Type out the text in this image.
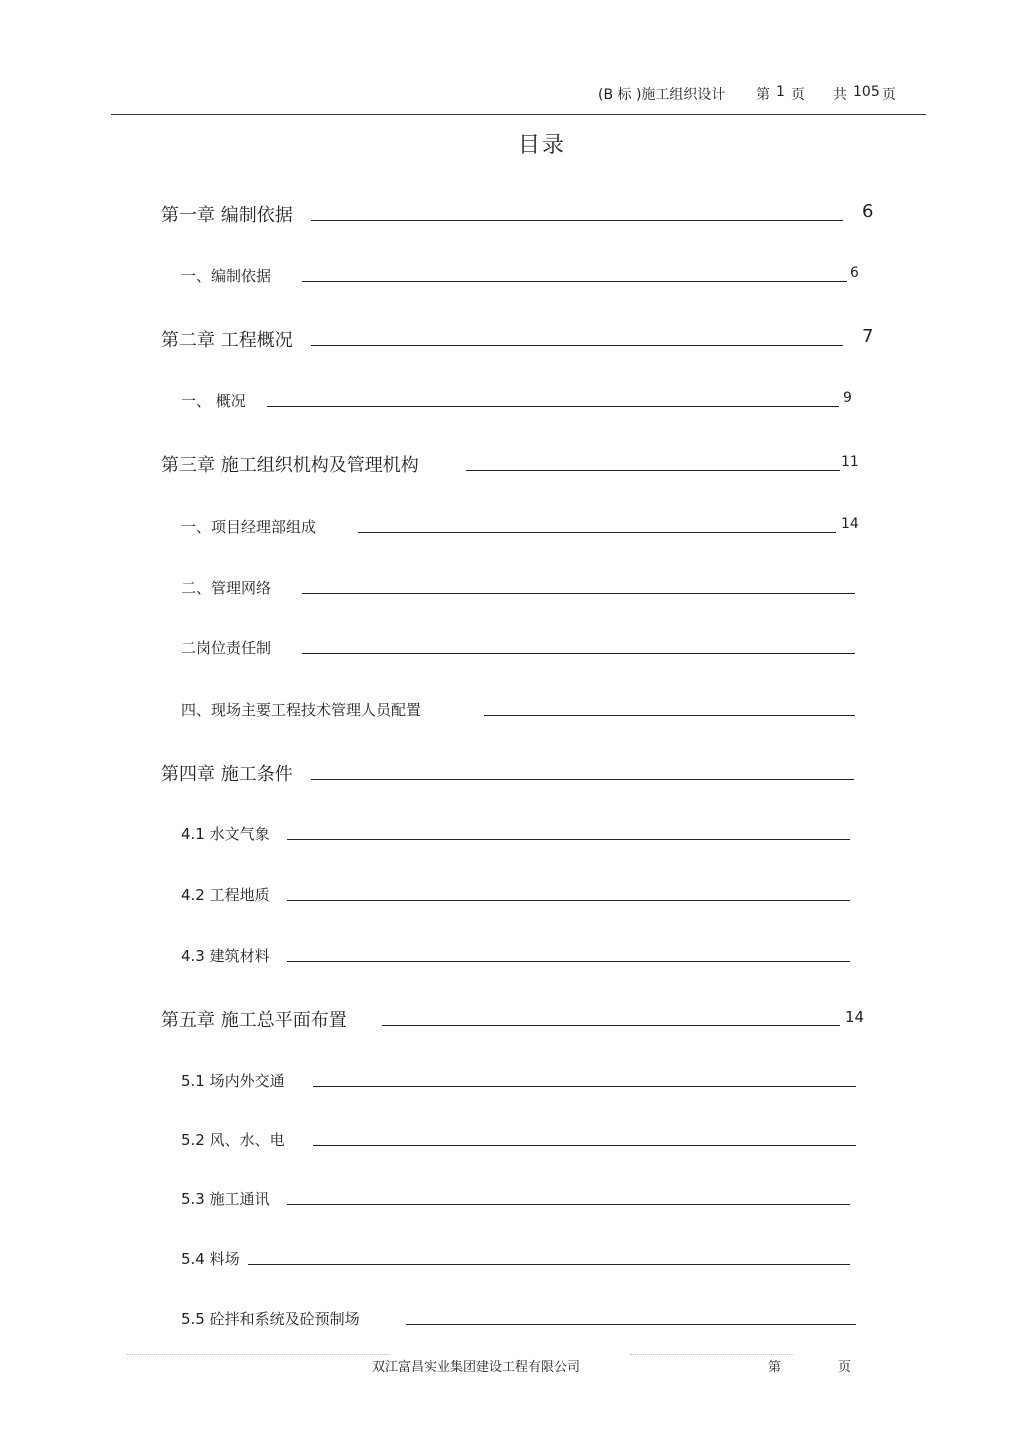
(B 标 )施工组织设计 第 1 页 共 105 页
目录
第一章 编制依据	6
一、编制依据	6
第二章 工程概况	7
一、 概况	9
第三章 施工组织机构及管理机构	11
一、项目经理部组成	14
二、管理网络
二岗位责任制
四、现场主要工程技术管理人员配置
第四章 施工条件
4.1 水文气象
4.2 工程地质
4.3 建筑材料
第五章 施工总平面布置	14
5.1 场内外交通
5.2 风、水、电
5.3 施工通讯
5.4 料场
5.5 砼拌和系统及砼预制场
双江富昌实业集团建设工程有限公司	第	页
